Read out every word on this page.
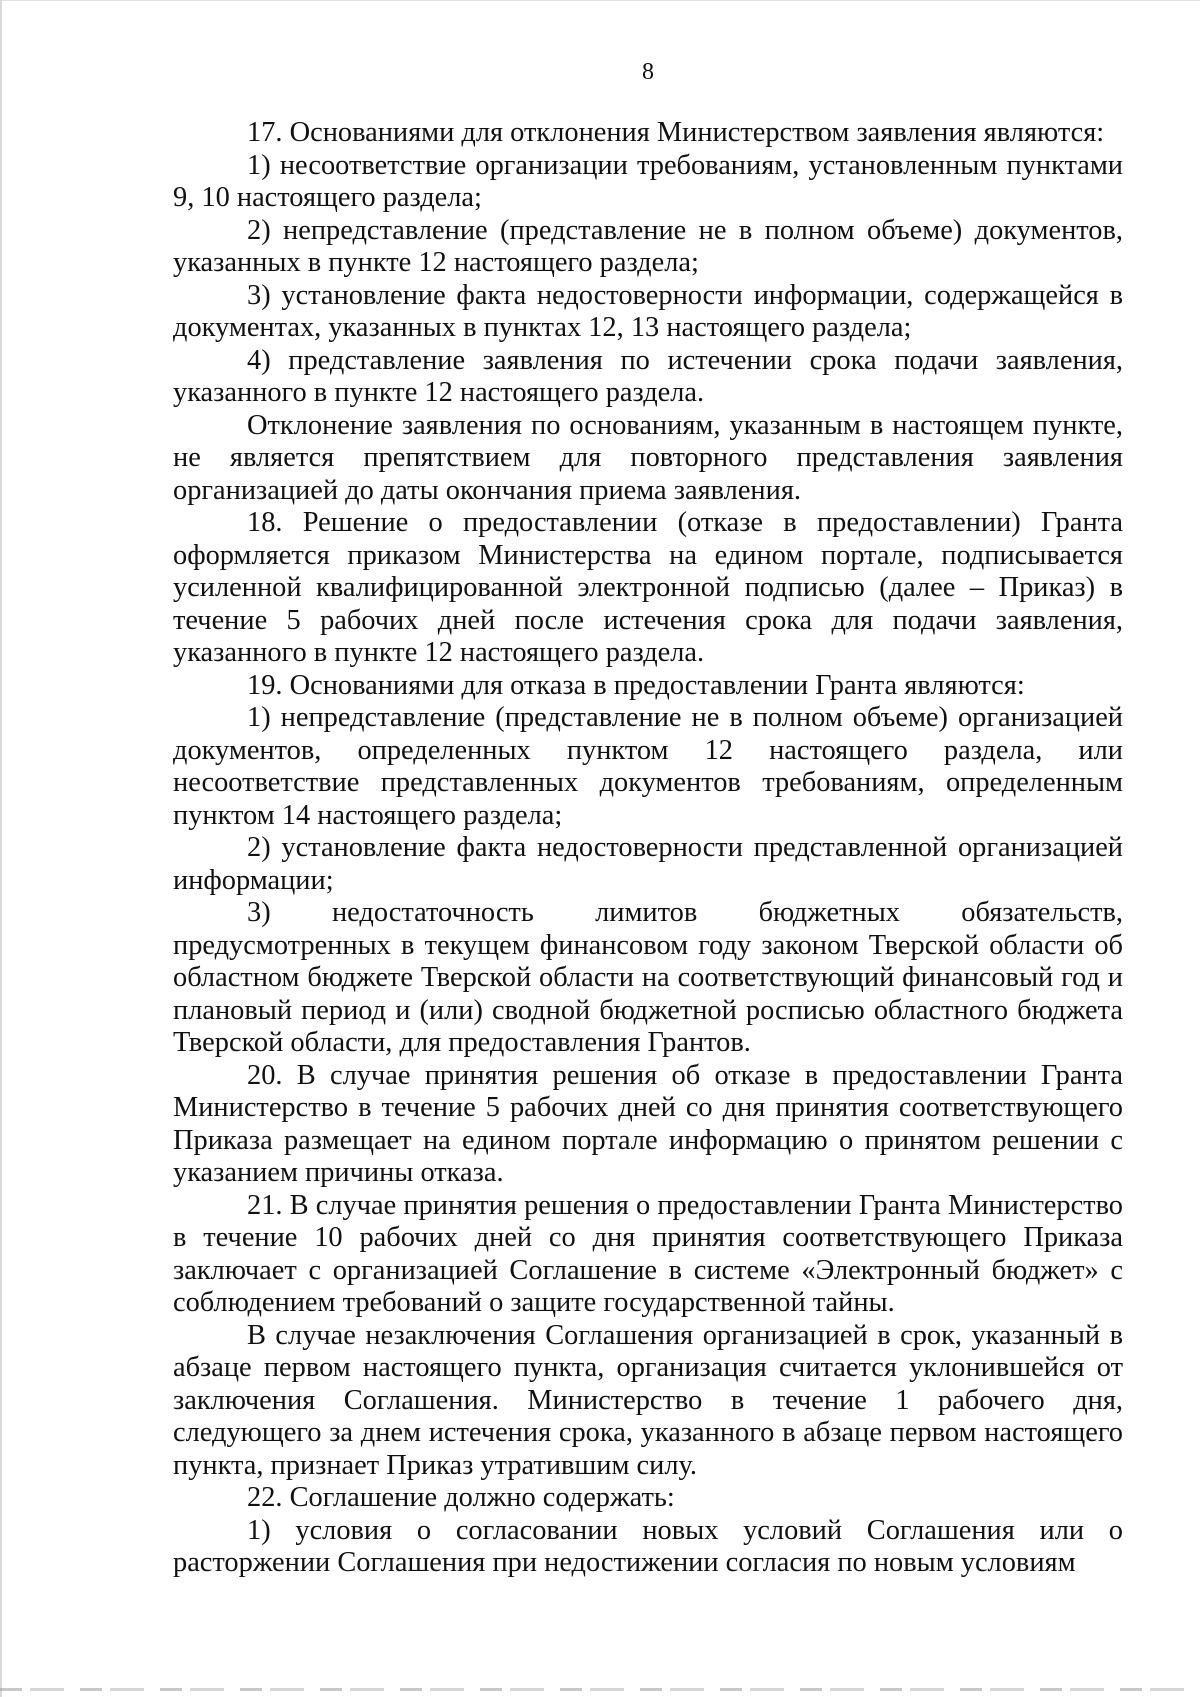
8

17. Основаниями для отклонения Министерством заявления являются:

1) несоответствие организации требованиям, установленным пунктами 9, 10 настоящего раздела;

2) непредставление (представление не в полном объеме) документов, указанных в пункте 12 настоящего раздела;

3) установление факта недостоверности информации, содержащейся в документах, указанных в пунктах 12, 13 настоящего раздела;

4) представление заявления по истечении срока подачи заявления, указанного в пункте 12 настоящего раздела.

Отклонение заявления по основаниям, указанным в настоящем пункте, не является препятствием для повторного представления заявления организацией до даты окончания приема заявления.

18. Решение о предоставлении (отказе в предоставлении) Гранта оформляется приказом Министерства на едином портале, подписывается усиленной квалифицированной электронной подписью (далее – Приказ) в течение 5 рабочих дней после истечения срока для подачи заявления, указанного в пункте 12 настоящего раздела.

19. Основаниями для отказа в предоставлении Гранта являются:

1) непредставление (представление не в полном объеме) организацией документов, определенных пунктом 12 настоящего раздела, или несоответствие представленных документов требованиям, определенным пунктом 14 настоящего раздела;

2) установление факта недостоверности представленной организацией информации;

3) недостаточность лимитов бюджетных обязательств, предусмотренных в текущем финансовом году законом Тверской области об областном бюджете Тверской области на соответствующий финансовый год и плановый период и (или) сводной бюджетной росписью областного бюджета Тверской области, для предоставления Грантов.

20. В случае принятия решения об отказе в предоставлении Гранта Министерство в течение 5 рабочих дней со дня принятия соответствующего Приказа размещает на едином портале информацию о принятом решении с указанием причины отказа.

21. В случае принятия решения о предоставлении Гранта Министерство в течение 10 рабочих дней со дня принятия соответствующего Приказа заключает с организацией Соглашение в системе «Электронный бюджет» с соблюдением требований о защите государственной тайны.

В случае незаключения Соглашения организацией в срок, указанный в абзаце первом настоящего пункта, организация считается уклонившейся от заключения Соглашения. Министерство в течение 1 рабочего дня, следующего за днем истечения срока, указанного в абзаце первом настоящего пункта, признает Приказ утратившим силу.

22. Соглашение должно содержать:

1) условия о согласовании новых условий Соглашения или о расторжении Соглашения при недостижении согласия по новым условиям
